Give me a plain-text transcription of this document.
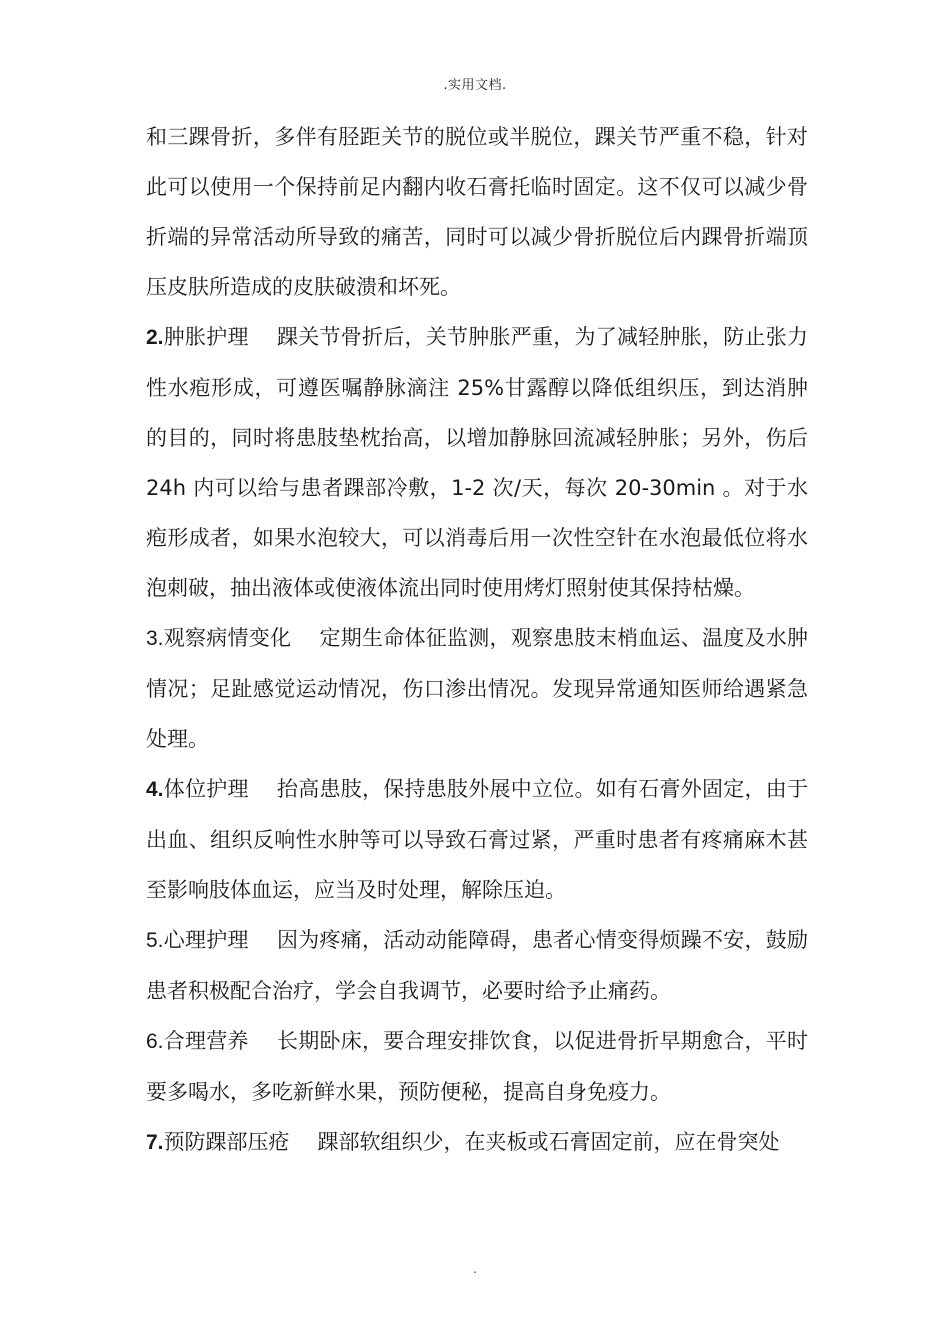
.实用文档.

和三踝骨折，多伴有胫距关节的脱位或半脱位，踝关节严重不稳，针对此可以使用一个保持前足内翻内收石膏托临时固定。这不仅可以减少骨折端的异常活动所导致的痛苦，同时可以减少骨折脱位后内踝骨折端顶压皮肤所造成的皮肤破溃和坏死。

2.肿胀护理 踝关节骨折后，关节肿胀严重，为了减轻肿胀，防止张力性水疱形成，可遵医嘱静脉滴注 25%甘露醇以降低组织压，到达消肿的目的，同时将患肢垫枕抬高，以增加静脉回流减轻肿胀；另外，伤后 24h 内可以给与患者踝部冷敷，1-2 次/天，每次 20-30min 。对于水疱形成者，如果水泡较大，可以消毒后用一次性空针在水泡最低位将水泡刺破，抽出液体或使液体流出同时使用烤灯照射使其保持枯燥。

3.观察病情变化 定期生命体征监测，观察患肢末梢血运、温度及水肿情况；足趾感觉运动情况，伤口渗出情况。发现异常通知医师给遇紧急处理。

4.体位护理 抬高患肢，保持患肢外展中立位。如有石膏外固定，由于出血、组织反响性水肿等可以导致石膏过紧，严重时患者有疼痛麻木甚至影响肢体血运，应当及时处理，解除压迫。

5.心理护理 因为疼痛，活动动能障碍，患者心情变得烦躁不安，鼓励患者积极配合治疗，学会自我调节，必要时给予止痛药。

6.合理营养 长期卧床，要合理安排饮食，以促进骨折早期愈合，平时要多喝水，多吃新鲜水果，预防便秘，提高自身免疫力。

7.预防踝部压疮 踝部软组织少，在夹板或石膏固定前，应在骨突处

.
